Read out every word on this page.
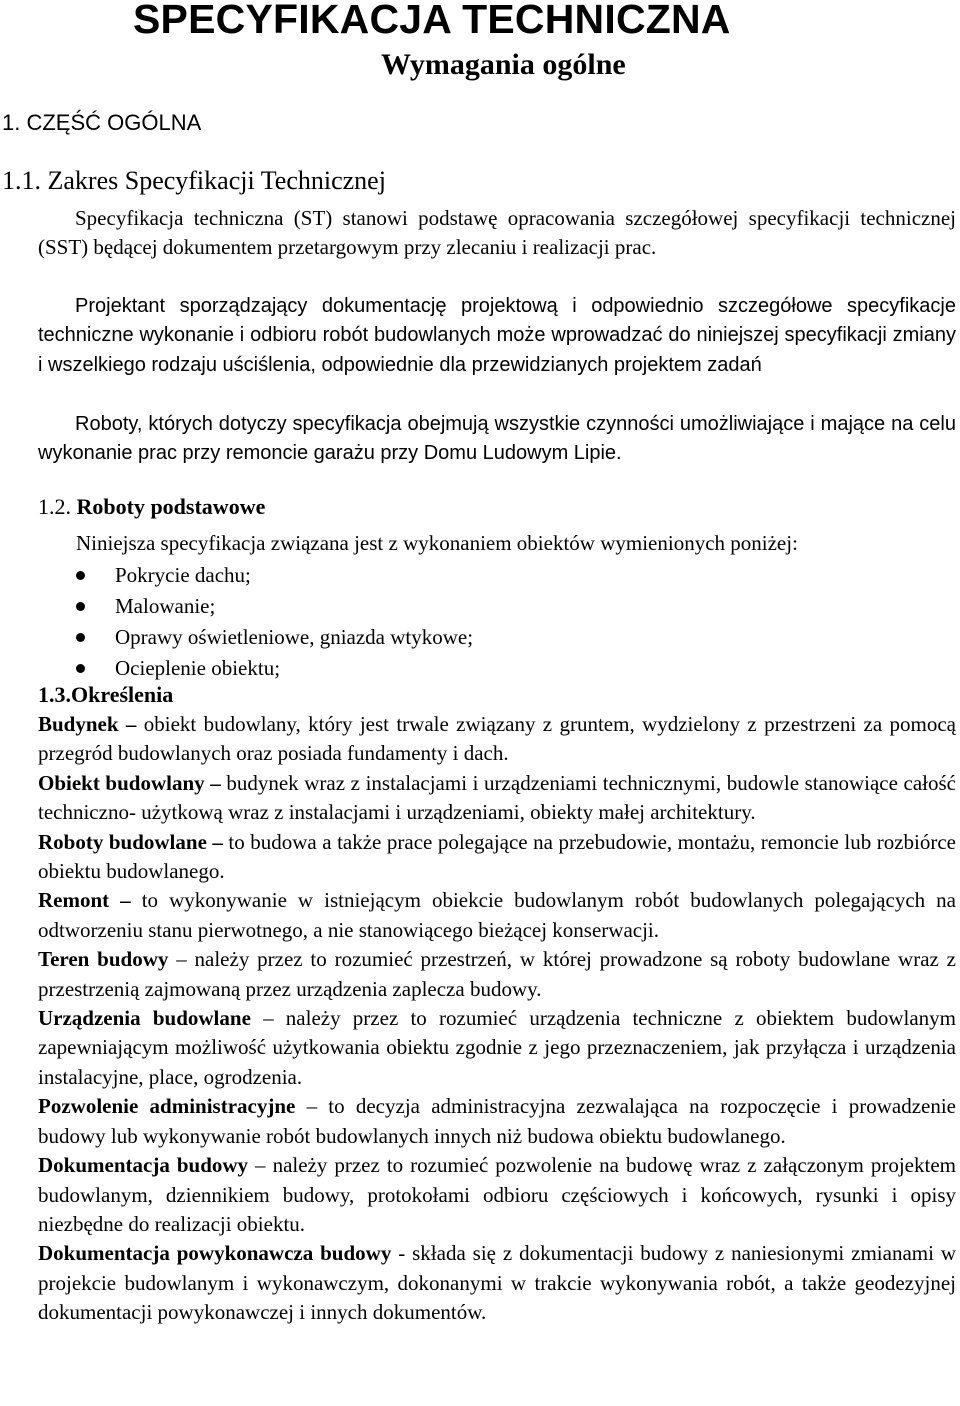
SPECYFIKACJA TECHNICZNA
Wymagania ogólne
1. CZĘŚĆ OGÓLNA
1.1. Zakres Specyfikacji Technicznej

Specyfikacja techniczna (ST) stanowi podstawę opracowania szczegółowej specyfikacji technicznej (SST) będącej dokumentem przetargowym przy zlecaniu i realizacji prac.

Projektant sporządzający dokumentację projektową i odpowiednio szczegółowe specyfikacje techniczne wykonanie i odbioru robót budowlanych może wprowadzać do niniejszej specyfikacji zmiany i wszelkiego rodzaju uściślenia, odpowiednie dla przewidzianych projektem zadań

Roboty, których dotyczy specyfikacja obejmują wszystkie czynności umożliwiające i mające na celu wykonanie prac przy remoncie garażu przy Domu Ludowym Lipie.

1.2. Roboty podstawowe
Niniejsza specyfikacja związana jest z wykonaniem obiektów wymienionych poniżej:
Pokrycie dachu;
Malowanie;
Oprawy oświetleniowe, gniazda wtykowe;
Ocieplenie obiektu;
1.3.Określenia

Budynek – obiekt budowlany, który jest trwale związany z gruntem, wydzielony z przestrzeni za pomocą przegród budowlanych oraz posiada fundamenty i dach.

Obiekt budowlany – budynek wraz z instalacjami i urządzeniami technicznymi, budowle stanowiące całość techniczno- użytkową wraz z instalacjami i urządzeniami, obiekty małej architektury.

Roboty budowlane – to budowa a także prace polegające na przebudowie, montażu, remoncie lub rozbiórce obiektu budowlanego.

Remont – to wykonywanie w istniejącym obiekcie budowlanym robót budowlanych polegających na odtworzeniu stanu pierwotnego, a nie stanowiącego bieżącej konserwacji.

Teren budowy – należy przez to rozumieć przestrzeń, w której prowadzone są roboty budowlane wraz z przestrzenią zajmowaną przez urządzenia zaplecza budowy.

Urządzenia budowlane – należy przez to rozumieć urządzenia techniczne z obiektem budowlanym zapewniającym możliwość użytkowania obiektu zgodnie z jego przeznaczeniem, jak przyłącza i urządzenia instalacyjne, place, ogrodzenia.

Pozwolenie administracyjne – to decyzja administracyjna zezwalająca na rozpoczęcie i prowadzenie budowy lub wykonywanie robót budowlanych innych niż budowa obiektu budowlanego.

Dokumentacja budowy – należy przez to rozumieć pozwolenie na budowę wraz z załączonym projektem budowlanym, dziennikiem budowy, protokołami odbioru częściowych i końcowych, rysunki i opisy niezbędne do realizacji obiektu.

Dokumentacja powykonawcza budowy - składa się z dokumentacji budowy z naniesionymi zmianami w projekcie budowlanym i wykonawczym, dokonanymi w trakcie wykonywania robót, a także geodezyjnej dokumentacji powykonawczej i innych dokumentów.
